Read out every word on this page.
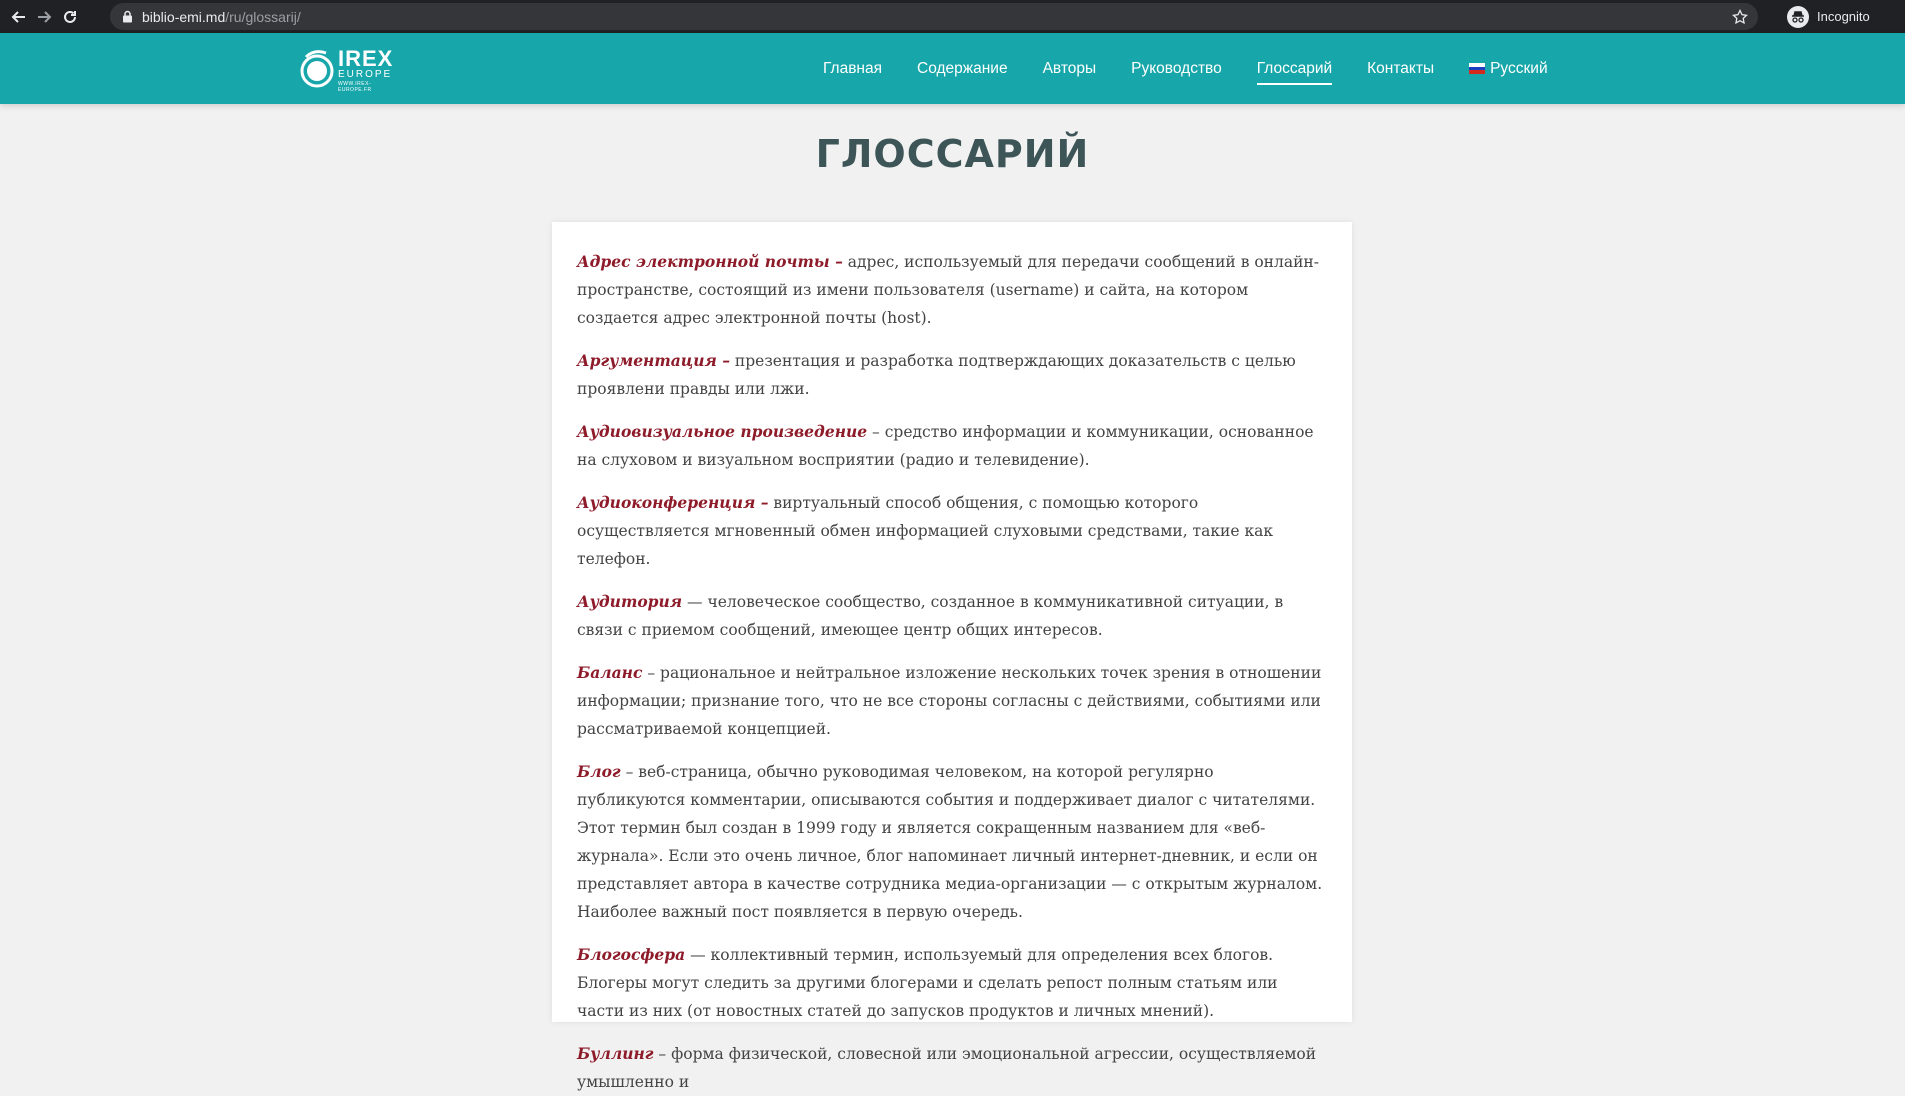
biblio-emi.md/ru/glossarij/	Incognito
IREX
EUROPE
WWW.IREX-EUROPE.FR
Главная Содержание Авторы Руководство Глоссарий Контакты	Русский
ГЛОССАРИЙ

Адрес электронной почты – адрес, используемый для передачи сообщений в онлайн-пространстве, состоящий из имени пользователя (username) и сайта, на котором создается адрес электронной почты (host).

Аргументация – презентация и разработка подтверждающих доказательств с целью проявлени правды или лжи.

Аудиовизуальное произведение – средство информации и коммуникации, основанное на слуховом и визуальном восприятии (радио и телевидение).

Аудиоконференция – виртуальный способ общения, с помощью которого осуществляется мгновенный обмен информацией слуховыми средствами, такие как телефон.

Аудитория — человеческое сообщество, созданное в коммуникативной ситуации, в связи с приемом сообщений, имеющее центр общих интересов.

Баланс – рациональное и нейтральное изложение нескольких точек зрения в отношении информации; признание того, что не все стороны согласны с действиями, событиями или рассматриваемой концепцией.

Блог – веб-страница, обычно руководимая человеком, на которой регулярно публикуются комментарии, описываются события и поддерживает диалог с читателями. Этот термин был создан в 1999 году и является сокращенным названием для «веб-журнала». Если это очень личное, блог напоминает личный интернет-дневник, и если он представляет автора в качестве сотрудника медиа-организации — с открытым журналом. Наиболее важный пост появляется в первую очередь.

Блогосфера — коллективный термин, используемый для определения всех блогов. Блогеры могут следить за другими блогерами и сделать репост полным статьям или части из них (от новостных статей до запусков продуктов и личных мнений).

Буллинг – форма физической, словесной или эмоциональной агрессии, осуществляемой умышленно и
